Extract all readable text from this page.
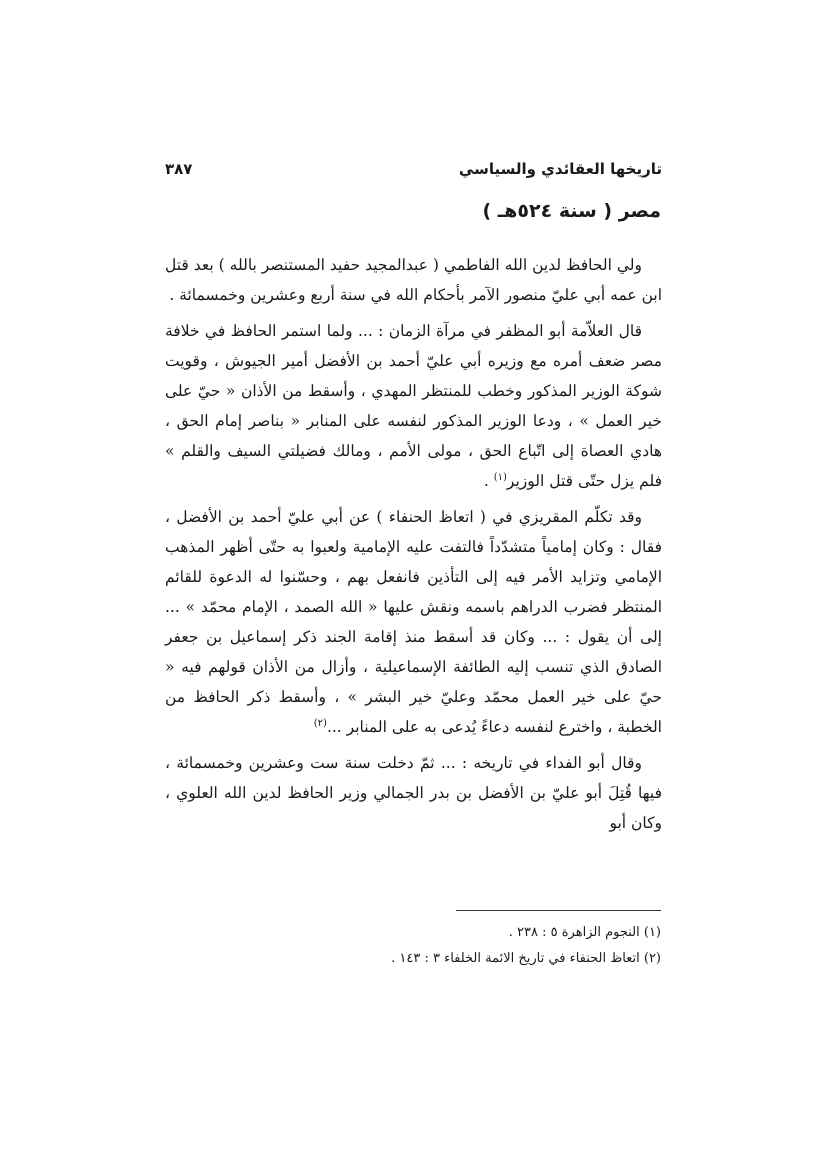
تاريخها العقائدي والسياسي
٣٨٧
مصر ( سنة ٥٢٤هـ )

ولي الحافظ لدين الله الفاطمي ( عبدالمجيد حفيد المستنصر بالله ) بعد قتل ابن عمه أبي عليّ منصور الآمر بأحكام الله في سنة أربع وعشرين وخمسمائة .

قال العلاّمة أبو المظفر في مرآة الزمان : ... ولما استمر الحافظ في خلافة مصر ضعف أمره مع وزيره أبي عليّ أحمد بن الأفضل أمير الجيوش ، وقويت شوكة الوزير المذكور وخطب للمنتظر المهدي ، وأسقط من الأذان « حيّ على خير العمل » ، ودعا الوزير المذكور لنفسه على المنابر « بناصر إمام الحق ، هادي العصاة إلى اتّباع الحق ، مولى الأمم ، ومالك فضيلتي السيف والقلم » فلم يزل حتّى قتل الوزير$^{(١)}$ .

وقد تكلّم المقريزي في ( اتعاظ الحنفاء ) عن أبي عليّ أحمد بن الأفضل ، فقال : وكان إمامياً متشدّداً فالتفت عليه الإمامية ولعبوا به حتّى أظهر المذهب الإمامي وتزايد الأمر فيه إلى التأذين فانفعل بهم ، وحسّنوا له الدعوة للقائم المنتظر فضرب الدراهم باسمه ونقش عليها « الله الصمد ، الإمام محمّد » ... إلى أن يقول : ... وكان قد أسقط منذ إقامة الجند ذكر إسماعيل بن جعفر الصادق الذي تنسب إليه الطائفة الإسماعيلية ، وأزال من الأذان قولهم فيه « حيّ على خير العمل محمّد وعليّ خير البشر » ، وأسقط ذكر الحافظ من الخطبة ، واخترع لنفسه دعاءً يُدعى به على المنابر ...$^{(٢)}$

وقال أبو الفداء في تاريخه : ... ثمّ دخلت سنة ست وعشرين وخمسمائة ، فيها قُتِلَ أبو عليّ بن الأفضل بن بدر الجمالي وزير الحافظ لدين الله العلوي ، وكان أبو

(١) النجوم الزاهرة ٥ : ٢٣٨ .
(٢) اتعاظ الحنفاء في تاريخ الائمة الخلفاء ٣ : ١٤٣ .
